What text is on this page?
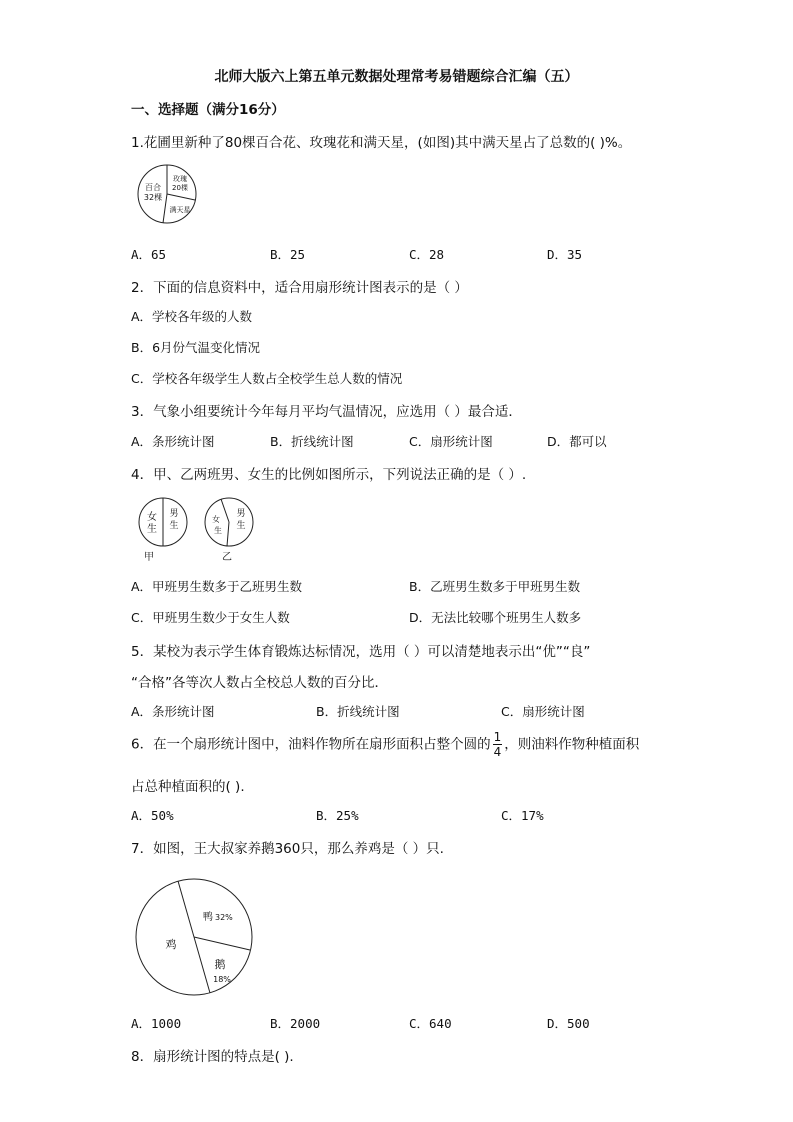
北师大版六上第五单元数据处理常考易错题综合汇编（五）
一、选择题（满分16分）
1.花圃里新种了80棵百合花、玫瑰花和满天星，(如图)其中满天星占了总数的( )%。
百合
32棵
玫瑰
20棵
满天星
A．65	B．25	C．28	D．35
2．下面的信息资料中，适合用扇形统计图表示的是（ ）
A．学校各年级的人数
B．6月份气温变化情况
C．学校各年级学生人数占全校学生总人数的情况
3．气象小组要统计今年每月平均气温情况，应选用（ ）最合适．
A．条形统计图	B．折线统计图	C．扇形统计图	D．都可以
4．甲、乙两班男、女生的比例如图所示，下列说法正确的是（ ）.
女
生
男
生
甲
女
生
男
生
乙
A．甲班男生数多于乙班男生数	B．乙班男生数多于甲班男生数
C．甲班男生数少于女生人数	D．无法比较哪个班男生人数多
5．某校为表示学生体育锻炼达标情况，选用（ ）可以清楚地表示出“优”“良”
“合格”各等次人数占全校总人数的百分比．
A．条形统计图	B．折线统计图	C．扇形统计图
6．在一个扇形统计图中，油料作物所在扇形面积占整个圆的 $\frac{1}{4}$ ，则油料作物种植面积
占总种植面积的( ).
A．50%	B．25%	C．17%
7．如图，王大叔家养鹅360只，那么养鸡是（ ）只.
鸭 32%
鸡
鹅
18%
A．1000	B．2000	C．640	D．500
8．扇形统计图的特点是( ).
